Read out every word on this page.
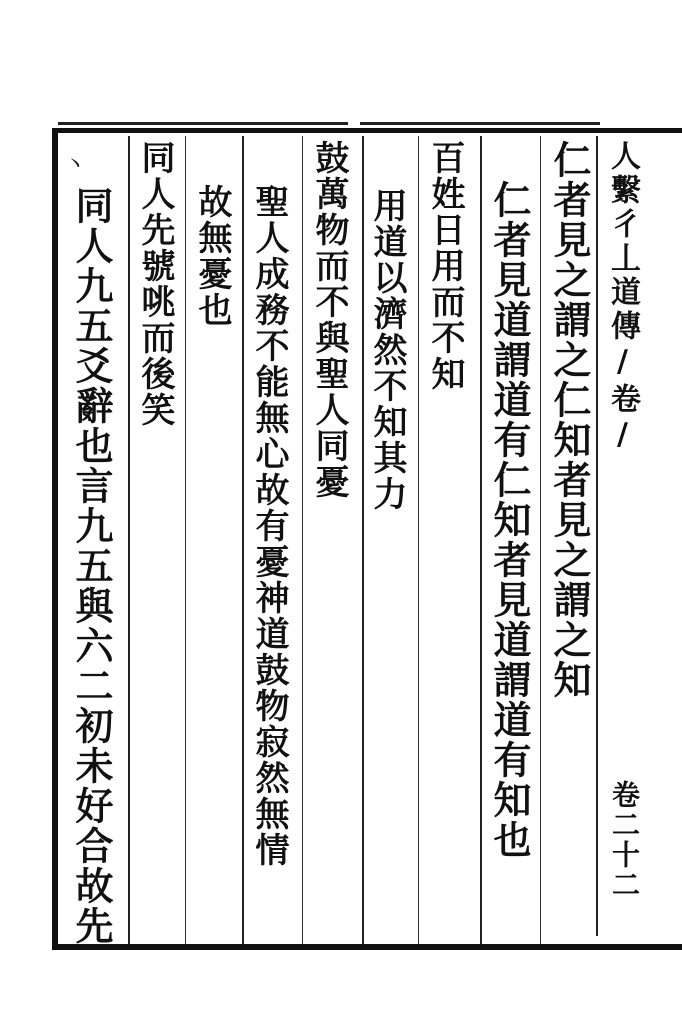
人繫彳丄道傳/卷/
卷二十二
仁者見之謂之仁知者見之謂之知
仁者見道謂道有仁知者見道謂道有知也
百姓日用而不知
用道以濟然不知其力
鼓萬物而不與聖人同憂
聖人成務不能無心故有憂神道鼓物寂然無情
故無憂也
同人先號咷而後笑
同人九五爻辭也言九五與六二初未好合故先
丶
